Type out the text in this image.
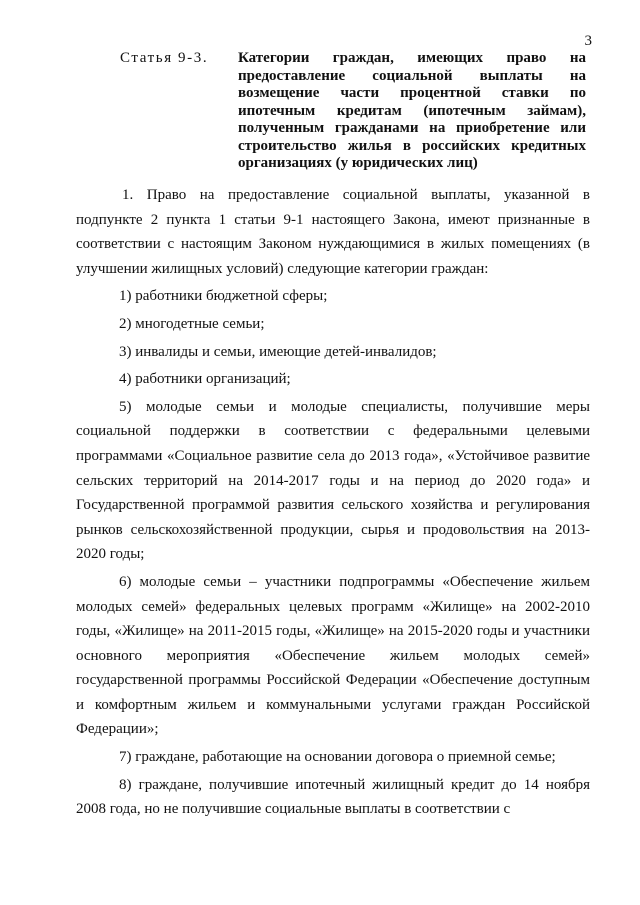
3
Статья 9-3.	Категории граждан, имеющих право на предоставление социальной выплаты на возмещение части процентной ставки по ипотечным кредитам (ипотечным займам), полученным гражданами на приобретение или строительство жилья в российских кредитных организациях (у юридических лиц)

1. Право на предоставление социальной выплаты, указанной в подпункте 2 пункта 1 статьи 9-1 настоящего Закона, имеют признанные в соответствии с настоящим Законом нуждающимися в жилых помещениях (в улучшении жилищных условий) следующие категории граждан:

1) работники бюджетной сферы;

2) многодетные семьи;

3) инвалиды и семьи, имеющие детей-инвалидов;

4) работники организаций;

5) молодые семьи и молодые специалисты, получившие меры социальной поддержки в соответствии с федеральными целевыми программами «Социальное развитие села до 2013 года», «Устойчивое развитие сельских территорий на 2014-2017 годы и на период до 2020 года» и Государственной программой развития сельского хозяйства и регулирования рынков сельскохозяйственной продукции, сырья и продовольствия на 2013-2020 годы;

6) молодые семьи – участники подпрограммы «Обеспечение жильем молодых семей» федеральных целевых программ «Жилище» на 2002-2010 годы, «Жилище» на 2011-2015 годы, «Жилище» на 2015-2020 годы и участники основного мероприятия «Обеспечение жильем молодых семей» государственной программы Российской Федерации «Обеспечение доступным и комфортным жильем и коммунальными услугами граждан Российской Федерации»;

7) граждане, работающие на основании договора о приемной семье;

8) граждане, получившие ипотечный жилищный кредит до 14 ноября 2008 года, но не получившие социальные выплаты в соответствии с
